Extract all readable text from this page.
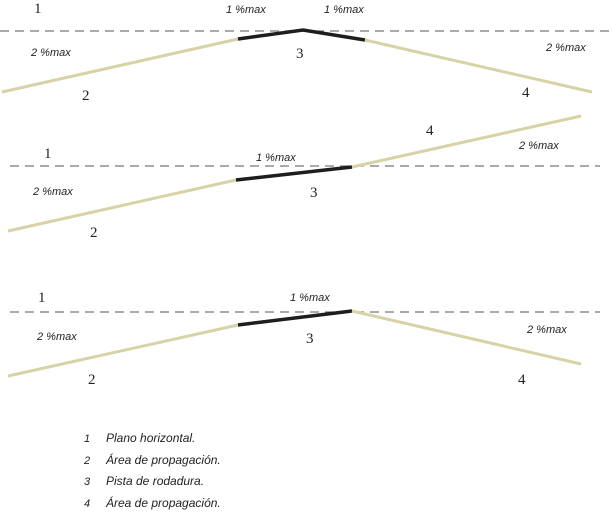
1
2
3
4
2 %max
1 %max	1 %max
2 %max
1
2
3
4
2 %max
1 %max
2 %max
1
2
3
4
2 %max
1 %max
2 %max
1	Plano horizontal.
2	Área de propagación.
3	Pista de rodadura.
4	Área de propagación.
